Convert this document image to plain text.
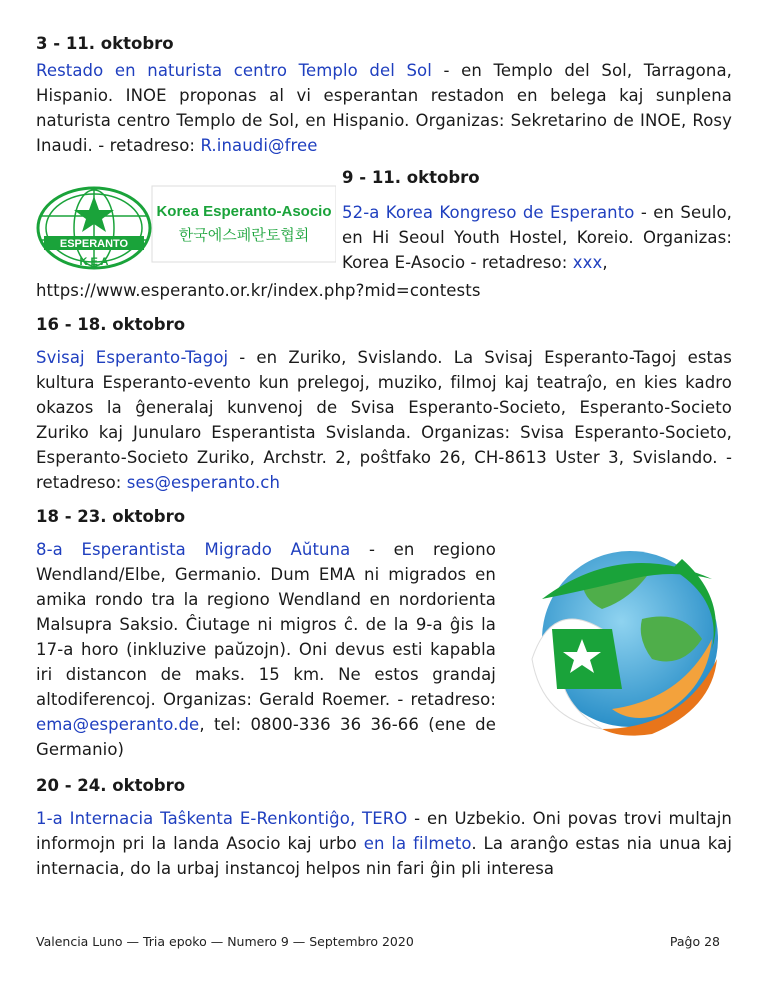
3 - 11. oktobro

Restado en naturista centro Templo del Sol - en Templo del Sol, Tarragona, Hispanio. INOE proponas al vi esperantan restadon en belega kaj sunplena naturista centro Templo de Sol, en Hispanio. Organizas: Sekretarino de INOE, Rosy Inaudi. - retadreso: R.inaudi@free

ESPERANTO
K E A
Korea Esperanto-Asocio
한국에스페란토협회
9 - 11. oktobro

52-a Korea Kongreso de Esperanto - en Seulo, en Hi Seoul Youth Hostel, Koreio. Organizas: Korea E-Asocio - retadreso: xxx,

https://www.esperanto.or.kr/index.php?mid=contests

16 - 18. oktobro

Svisaj Esperanto-Tagoj - en Zuriko, Svislando. La Svisaj Esperanto-Tagoj estas kultura Esperanto-evento kun prelegoj, muziko, filmoj kaj teatraĵo, en kies kadro okazos la ĝeneralaj kunvenoj de Svisa Esperanto-Societo, Esperanto-Societo Zuriko kaj Junularo Esperantista Svislanda. Organizas: Svisa Esperanto-Societo, Esperanto-Societo Zuriko, Archstr. 2, poŝtfako 26, CH-8613 Uster 3, Svislando. - retadreso: ses@esperanto.ch

18 - 23. oktobro

8-a Esperantista Migrado Aŭtuna - en regiono Wendland/Elbe, Germanio. Dum EMA ni migrados en amika rondo tra la regiono Wendland en nordorienta Malsupra Saksio. Ĉiutage ni migros ĉ. de la 9-a ĝis la 17-a horo (inkluzive paŭzojn). Oni devus esti kapabla iri distancon de maks. 15 km. Ne estos grandaj altodiferencoj. Organizas: Gerald Roemer. - retadreso: ema@esperanto.de, tel: 0800-336 36 36-66 (ene de Germanio)

20 - 24. oktobro

1-a Internacia Taŝkenta E-Renkontiĝo, TERO - en Uzbekio. Oni povas trovi multajn informojn pri la landa Asocio kaj urbo en la filmeto. La aranĝo estas nia unua kaj internacia, do la urbaj instancoj helpos nin fari ĝin pli interesa

Valencia Luno — Tria epoko — Numero 9 — Septembro 2020	Paĝo 28
